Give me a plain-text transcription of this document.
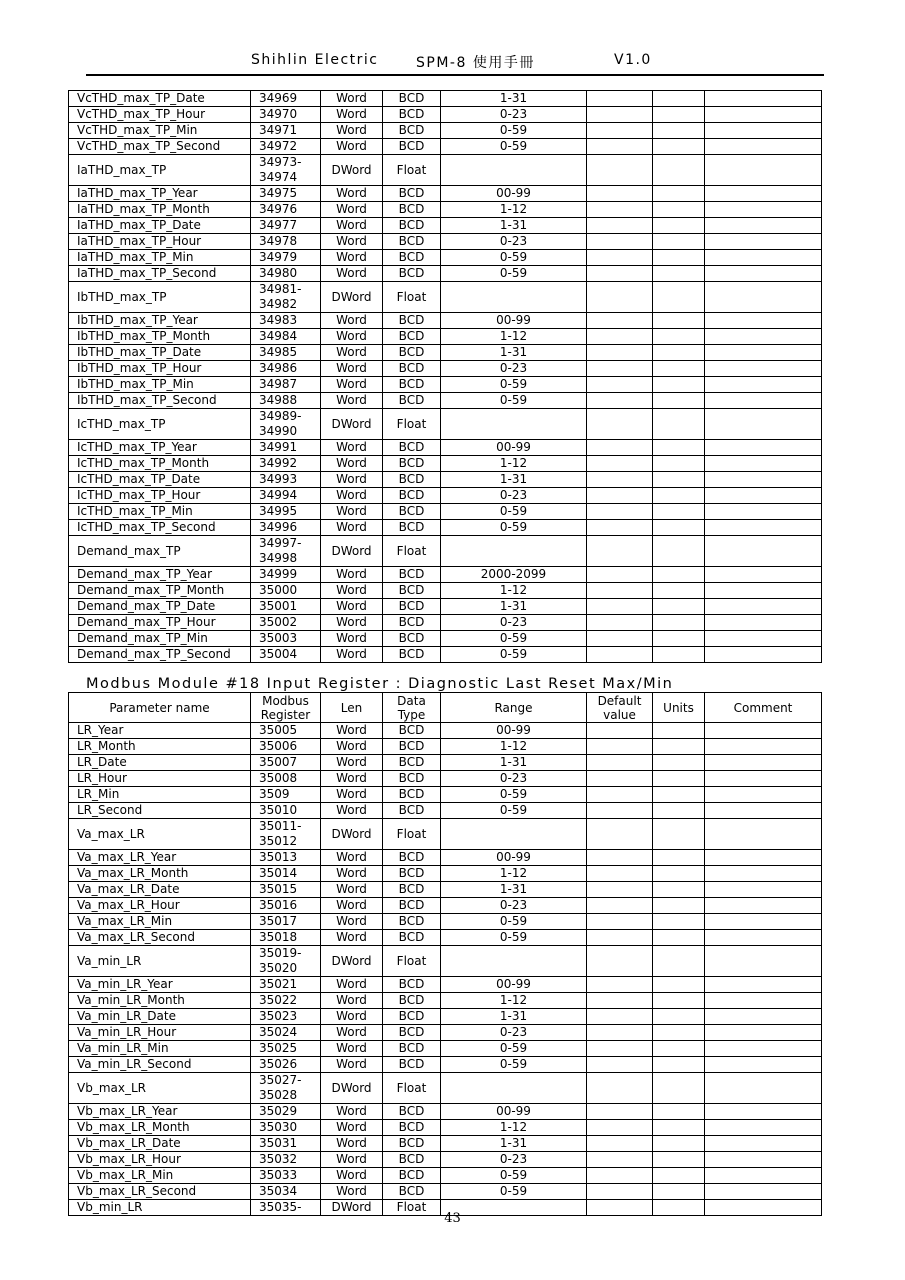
Shihlin Electric	SPM-8 使用手冊	V1.0
VcTHD_max_TP_Date	34969	Word	BCD	1-31			
VcTHD_max_TP_Hour	34970	Word	BCD	0-23			
VcTHD_max_TP_Min	34971	Word	BCD	0-59			
VcTHD_max_TP_Second	34972	Word	BCD	0-59			
IaTHD_max_TP	34973-34974	DWord	Float				
IaTHD_max_TP_Year	34975	Word	BCD	00-99			
IaTHD_max_TP_Month	34976	Word	BCD	1-12			
IaTHD_max_TP_Date	34977	Word	BCD	1-31			
IaTHD_max_TP_Hour	34978	Word	BCD	0-23			
IaTHD_max_TP_Min	34979	Word	BCD	0-59			
IaTHD_max_TP_Second	34980	Word	BCD	0-59			
IbTHD_max_TP	34981-34982	DWord	Float				
IbTHD_max_TP_Year	34983	Word	BCD	00-99			
IbTHD_max_TP_Month	34984	Word	BCD	1-12			
IbTHD_max_TP_Date	34985	Word	BCD	1-31			
IbTHD_max_TP_Hour	34986	Word	BCD	0-23			
IbTHD_max_TP_Min	34987	Word	BCD	0-59			
IbTHD_max_TP_Second	34988	Word	BCD	0-59			
IcTHD_max_TP	34989-34990	DWord	Float				
IcTHD_max_TP_Year	34991	Word	BCD	00-99			
IcTHD_max_TP_Month	34992	Word	BCD	1-12			
IcTHD_max_TP_Date	34993	Word	BCD	1-31			
IcTHD_max_TP_Hour	34994	Word	BCD	0-23			
IcTHD_max_TP_Min	34995	Word	BCD	0-59			
IcTHD_max_TP_Second	34996	Word	BCD	0-59			
Demand_max_TP	34997-34998	DWord	Float				
Demand_max_TP_Year	34999	Word	BCD	2000-2099			
Demand_max_TP_Month	35000	Word	BCD	1-12			
Demand_max_TP_Date	35001	Word	BCD	1-31			
Demand_max_TP_Hour	35002	Word	BCD	0-23			
Demand_max_TP_Min	35003	Word	BCD	0-59			
Demand_max_TP_Second	35004	Word	BCD	0-59			
Modbus Module #18 Input Register : Diagnostic Last Reset Max/Min
Parameter name	Modbus Register	Len	Data Type	Range	Default value	Units	Comment
LR_Year	35005	Word	BCD	00-99			
LR_Month	35006	Word	BCD	1-12			
LR_Date	35007	Word	BCD	1-31			
LR_Hour	35008	Word	BCD	0-23			
LR_Min	3509	Word	BCD	0-59			
LR_Second	35010	Word	BCD	0-59			
Va_max_LR	35011-35012	DWord	Float				
Va_max_LR_Year	35013	Word	BCD	00-99			
Va_max_LR_Month	35014	Word	BCD	1-12			
Va_max_LR_Date	35015	Word	BCD	1-31			
Va_max_LR_Hour	35016	Word	BCD	0-23			
Va_max_LR_Min	35017	Word	BCD	0-59			
Va_max_LR_Second	35018	Word	BCD	0-59			
Va_min_LR	35019-35020	DWord	Float				
Va_min_LR_Year	35021	Word	BCD	00-99			
Va_min_LR_Month	35022	Word	BCD	1-12			
Va_min_LR_Date	35023	Word	BCD	1-31			
Va_min_LR_Hour	35024	Word	BCD	0-23			
Va_min_LR_Min	35025	Word	BCD	0-59			
Va_min_LR_Second	35026	Word	BCD	0-59			
Vb_max_LR	35027-35028	DWord	Float				
Vb_max_LR_Year	35029	Word	BCD	00-99			
Vb_max_LR_Month	35030	Word	BCD	1-12			
Vb_max_LR_Date	35031	Word	BCD	1-31			
Vb_max_LR_Hour	35032	Word	BCD	0-23			
Vb_max_LR_Min	35033	Word	BCD	0-59			
Vb_max_LR_Second	35034	Word	BCD	0-59			
Vb_min_LR	35035-	DWord	Float				
43
